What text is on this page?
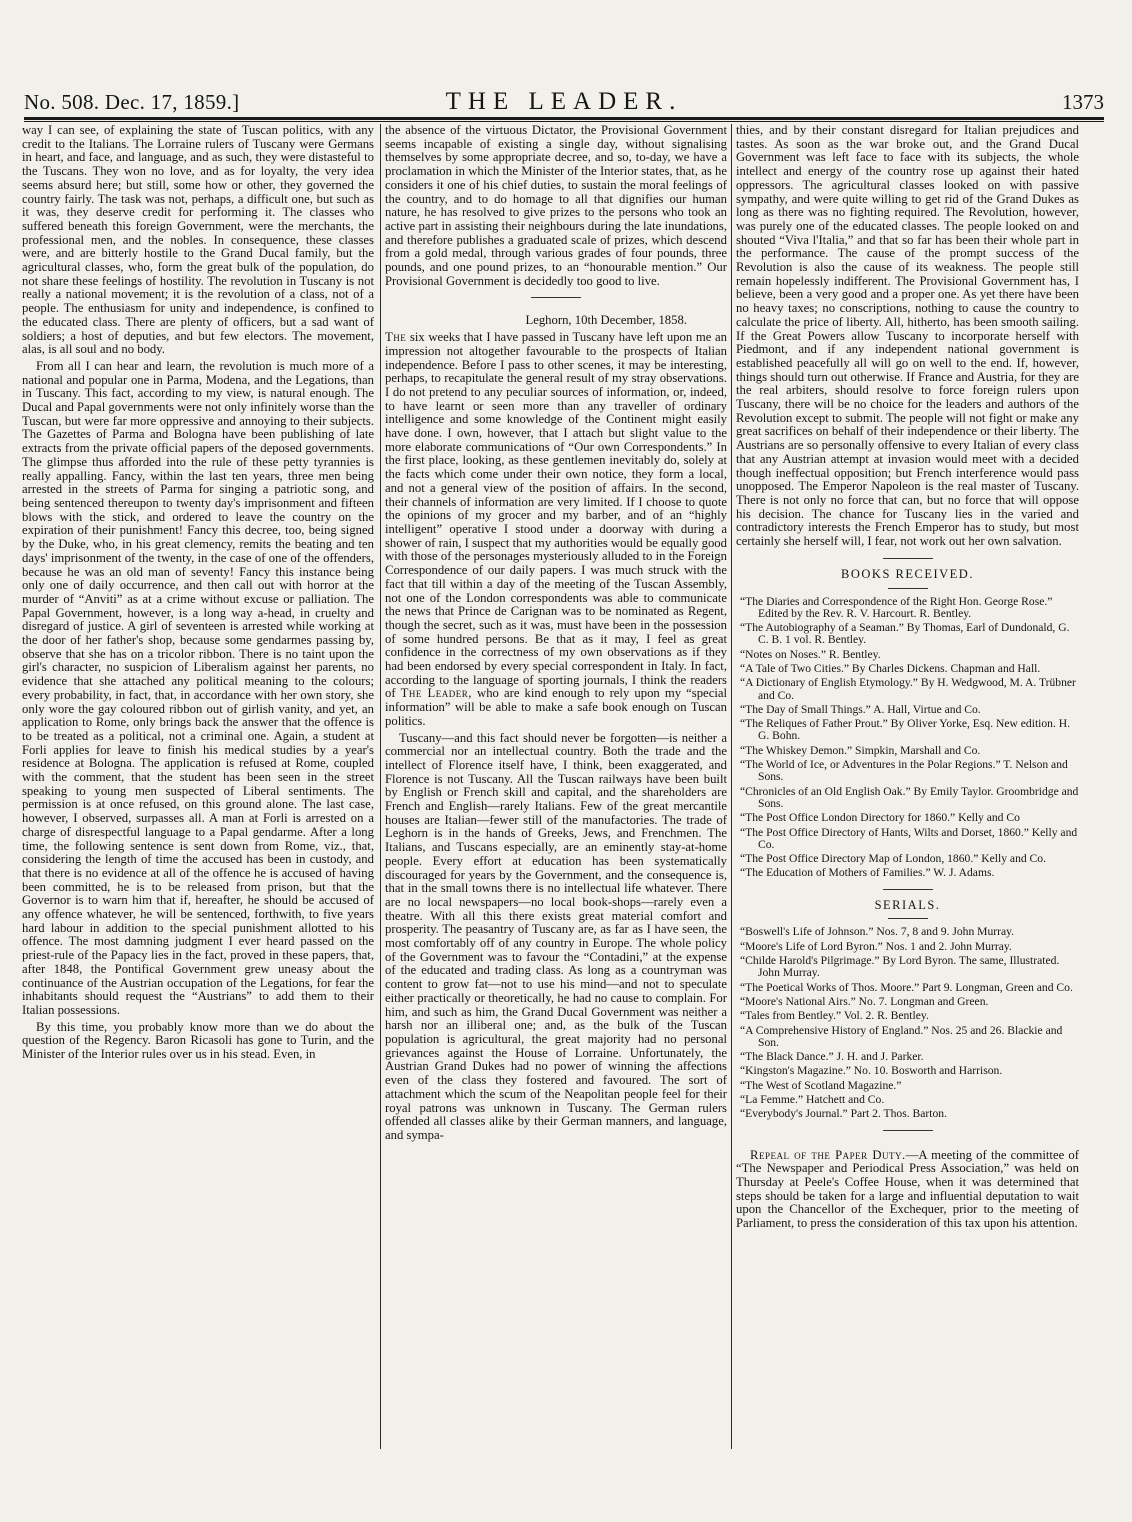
No. 508. Dec. 17, 1859.]	THE LEADER.	1373

way I can see, of explaining the state of Tuscan politics, with any credit to the Italians. The Lorraine rulers of Tuscany were Germans in heart, and face, and language, and as such, they were distasteful to the Tuscans. They won no love, and as for loyalty, the very idea seems absurd here; but still, some how or other, they governed the country fairly. The task was not, perhaps, a difficult one, but such as it was, they deserve credit for performing it. The classes who suffered beneath this foreign Government, were the merchants, the professional men, and the nobles. In consequence, these classes were, and are bitterly hostile to the Grand Ducal family, but the agricultural classes, who, form the great bulk of the population, do not share these feelings of hostility. The revolution in Tuscany is not really a national movement; it is the revolution of a class, not of a people. The enthusiasm for unity and independence, is confined to the educated class. There are plenty of officers, but a sad want of soldiers; a host of deputies, and but few electors. The movement, alas, is all soul and no body.

From all I can hear and learn, the revolution is much more of a national and popular one in Parma, Modena, and the Legations, than in Tuscany. This fact, according to my view, is natural enough. The Ducal and Papal governments were not only infinitely worse than the Tuscan, but were far more oppressive and annoying to their subjects. The Gazettes of Parma and Bologna have been publishing of late extracts from the private official papers of the deposed governments. The glimpse thus afforded into the rule of these petty tyrannies is really appalling. Fancy, within the last ten years, three men being arrested in the streets of Parma for singing a patriotic song, and being sentenced thereupon to twenty day's imprisonment and fifteen blows with the stick, and ordered to leave the country on the expiration of their punishment! Fancy this decree, too, being signed by the Duke, who, in his great clemency, remits the beating and ten days' imprisonment of the twenty, in the case of one of the offenders, because he was an old man of seventy! Fancy this instance being only one of daily occurrence, and then call out with horror at the murder of “Anviti” as at a crime without excuse or palliation. The Papal Government, however, is a long way a-head, in cruelty and disregard of justice. A girl of seventeen is arrested while working at the door of her father's shop, because some gendarmes passing by, observe that she has on a tricolor ribbon. There is no taint upon the girl's character, no suspicion of Liberalism against her parents, no evidence that she attached any political meaning to the colours; every probability, in fact, that, in accordance with her own story, she only wore the gay coloured ribbon out of girlish vanity, and yet, an application to Rome, only brings back the answer that the offence is to be treated as a political, not a criminal one. Again, a student at Forli applies for leave to finish his medical studies by a year's residence at Bologna. The application is refused at Rome, coupled with the comment, that the student has been seen in the street speaking to young men suspected of Liberal sentiments. The permission is at once refused, on this ground alone. The last case, however, I observed, surpasses all. A man at Forli is arrested on a charge of disrespectful language to a Papal gendarme. After a long time, the following sentence is sent down from Rome, viz., that, considering the length of time the accused has been in custody, and that there is no evidence at all of the offence he is accused of having been committed, he is to be released from prison, but that the Governor is to warn him that if, hereafter, he should be accused of any offence whatever, he will be sentenced, forthwith, to five years hard labour in addition to the special punishment allotted to his offence. The most damning judgment I ever heard passed on the priest-rule of the Papacy lies in the fact, proved in these papers, that, after 1848, the Pontifical Government grew uneasy about the continuance of the Austrian occupation of the Legations, for fear the inhabitants should request the “Austrians” to add them to their Italian possessions.

By this time, you probably know more than we do about the question of the Regency. Baron Ricasoli has gone to Turin, and the Minister of the Interior rules over us in his stead. Even, in

the absence of the virtuous Dictator, the Provisional Government seems incapable of existing a single day, without signalising themselves by some appropriate decree, and so, to-day, we have a proclamation in which the Minister of the Interior states, that, as he considers it one of his chief duties, to sustain the moral feelings of the country, and to do homage to all that dignifies our human nature, he has resolved to give prizes to the persons who took an active part in assisting their neighbours during the late inundations, and therefore publishes a graduated scale of prizes, which descend from a gold medal, through various grades of four pounds, three pounds, and one pound prizes, to an “honourable mention.” Our Provisional Government is decidedly too good to live.

Leghorn, 10th December, 1858.

The six weeks that I have passed in Tuscany have left upon me an impression not altogether favourable to the prospects of Italian independence. Before I pass to other scenes, it may be interesting, perhaps, to recapitulate the general result of my stray observations. I do not pretend to any peculiar sources of information, or, indeed, to have learnt or seen more than any traveller of ordinary intelligence and some knowledge of the Continent might easily have done. I own, however, that I attach but slight value to the more elaborate communications of “Our own Correspondents.” In the first place, looking, as these gentlemen inevitably do, solely at the facts which come under their own notice, they form a local, and not a general view of the position of affairs. In the second, their channels of information are very limited. If I choose to quote the opinions of my grocer and my barber, and of an “highly intelligent” operative I stood under a doorway with during a shower of rain, I suspect that my authorities would be equally good with those of the personages mysteriously alluded to in the Foreign Correspondence of our daily papers. I was much struck with the fact that till within a day of the meeting of the Tuscan Assembly, not one of the London correspondents was able to communicate the news that Prince de Carignan was to be nominated as Regent, though the secret, such as it was, must have been in the possession of some hundred persons. Be that as it may, I feel as great confidence in the correctness of my own observations as if they had been endorsed by every special correspondent in Italy. In fact, according to the language of sporting journals, I think the readers of The Leader, who are kind enough to rely upon my “special information” will be able to make a safe book enough on Tuscan politics.

Tuscany—and this fact should never be forgotten—is neither a commercial nor an intellectual country. Both the trade and the intellect of Florence itself have, I think, been exaggerated, and Florence is not Tuscany. All the Tuscan railways have been built by English or French skill and capital, and the shareholders are French and English—rarely Italians. Few of the great mercantile houses are Italian—fewer still of the manufactories. The trade of Leghorn is in the hands of Greeks, Jews, and Frenchmen. The Italians, and Tuscans especially, are an eminently stay-at-home people. Every effort at education has been systematically discouraged for years by the Government, and the consequence is, that in the small towns there is no intellectual life whatever. There are no local newspapers—no local book-shops—rarely even a theatre. With all this there exists great material comfort and prosperity. The peasantry of Tuscany are, as far as I have seen, the most comfortably off of any country in Europe. The whole policy of the Government was to favour the “Contadini,” at the expense of the educated and trading class. As long as a countryman was content to grow fat—not to use his mind—and not to speculate either practically or theoretically, he had no cause to complain. For him, and such as him, the Grand Ducal Government was neither a harsh nor an illiberal one; and, as the bulk of the Tuscan population is agricultural, the great majority had no personal grievances against the House of Lorraine. Unfortunately, the Austrian Grand Dukes had no power of winning the affections even of the class they fostered and favoured. The sort of attachment which the scum of the Neapolitan people feel for their royal patrons was unknown in Tuscany. The German rulers offended all classes alike by their German manners, and language, and sympa-

thies, and by their constant disregard for Italian prejudices and tastes. As soon as the war broke out, and the Grand Ducal Government was left face to face with its subjects, the whole intellect and energy of the country rose up against their hated oppressors. The agricultural classes looked on with passive sympathy, and were quite willing to get rid of the Grand Dukes as long as there was no fighting required. The Revolution, however, was purely one of the educated classes. The people looked on and shouted “Viva l'Italia,” and that so far has been their whole part in the performance. The cause of the prompt success of the Revolution is also the cause of its weakness. The people still remain hopelessly indifferent. The Provisional Government has, I believe, been a very good and a proper one. As yet there have been no heavy taxes; no conscriptions, nothing to cause the country to calculate the price of liberty. All, hitherto, has been smooth sailing. If the Great Powers allow Tuscany to incorporate herself with Piedmont, and if any independent national government is established peacefully all will go on well to the end. If, however, things should turn out otherwise. If France and Austria, for they are the real arbiters, should resolve to force foreign rulers upon Tuscany, there will be no choice for the leaders and authors of the Revolution except to submit. The people will not fight or make any great sacrifices on behalf of their independence or their liberty. The Austrians are so personally offensive to every Italian of every class that any Austrian attempt at invasion would meet with a decided though ineffectual opposition; but French interference would pass unopposed. The Emperor Napoleon is the real master of Tuscany. There is not only no force that can, but no force that will oppose his decision. The chance for Tuscany lies in the varied and contradictory interests the French Emperor has to study, but most certainly she herself will, I fear, not work out her own salvation.

BOOKS RECEIVED.
“The Diaries and Correspondence of the Right Hon. George Rose.” Edited by the Rev. R. V. Harcourt. R. Bentley.
“The Autobiography of a Seaman.” By Thomas, Earl of Dundonald, G. C. B. 1 vol. R. Bentley.
“Notes on Noses.” R. Bentley.
“A Tale of Two Cities.” By Charles Dickens. Chapman and Hall.
“A Dictionary of English Etymology.” By H. Wedgwood, M. A. Trübner and Co.
“The Day of Small Things.” A. Hall, Virtue and Co.
“The Reliques of Father Prout.” By Oliver Yorke, Esq. New edition. H. G. Bohn.
“The Whiskey Demon.” Simpkin, Marshall and Co.
“The World of Ice, or Adventures in the Polar Regions.” T. Nelson and Sons.
“Chronicles of an Old English Oak.” By Emily Taylor. Groombridge and Sons.
“The Post Office London Directory for 1860.” Kelly and Co
“The Post Office Directory of Hants, Wilts and Dorset, 1860.” Kelly and Co.
“The Post Office Directory Map of London, 1860.” Kelly and Co.
“The Education of Mothers of Families.” W. J. Adams.
SERIALS.
“Boswell's Life of Johnson.” Nos. 7, 8 and 9. John Murray.
“Moore's Life of Lord Byron.” Nos. 1 and 2. John Murray.
“Childe Harold's Pilgrimage.” By Lord Byron. The same, Illustrated. John Murray.
“The Poetical Works of Thos. Moore.” Part 9. Longman, Green and Co.
“Moore's National Airs.” No. 7. Longman and Green.
“Tales from Bentley.” Vol. 2. R. Bentley.
“A Comprehensive History of England.” Nos. 25 and 26. Blackie and Son.
“The Black Dance.” J. H. and J. Parker.
“Kingston's Magazine.” No. 10. Bosworth and Harrison.
“The West of Scotland Magazine.”
“La Femme.” Hatchett and Co.
“Everybody's Journal.” Part 2. Thos. Barton.

Repeal of the Paper Duty.—A meeting of the committee of “The Newspaper and Periodical Press Association,” was held on Thursday at Peele's Coffee House, when it was determined that steps should be taken for a large and influential deputation to wait upon the Chancellor of the Exchequer, prior to the meeting of Parliament, to press the consideration of this tax upon his attention.
